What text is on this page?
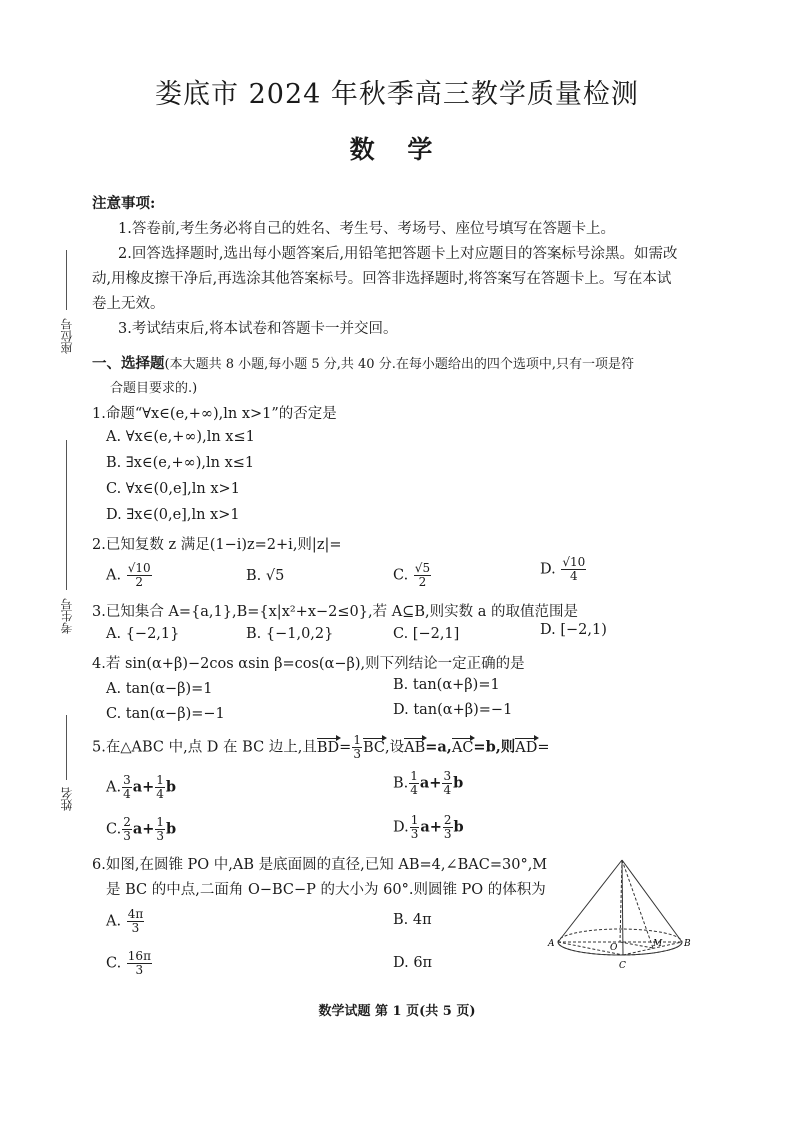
娄底市 2024 年秋季高三教学质量检测
数 学
座位号
考生号
姓名
注意事项:
1.答卷前,考生务必将自己的姓名、考生号、考场号、座位号填写在答题卡上。
2.回答选择题时,选出每小题答案后,用铅笔把答题卡上对应题目的答案标号涂黑。如需改
动,用橡皮擦干净后,再选涂其他答案标号。回答非选择题时,将答案写在答题卡上。写在本试
卷上无效。
3.考试结束后,将本试卷和答题卡一并交回。
一、选择题(本大题共 8 小题,每小题 5 分,共 40 分.在每小题给出的四个选项中,只有一项是符
合题目要求的.)
1.命题“∀x∈(e,+∞),ln x>1”的否定是
A. ∀x∈(e,+∞),ln x≤1
B. ∃x∈(e,+∞),ln x≤1
C. ∀x∈(0,e],ln x>1
D. ∃x∈(0,e],ln x>1
2.已知复数 z 满足(1−i)z=2+i,则|z|=
A. $\frac{√10}{2}$	B. √5	C. $\frac{√5}{2}$	D. $\frac{√10}{4}$
3.已知集合 A={a,1},B={x|x²+x−2≤0},若 A⊆B,则实数 a 的取值范围是
A. {−2,1}	B. {−1,0,2}	C. [−2,1]	D. [−2,1)
4.若 sin(α+β)−2cos αsin β=cos(α−β),则下列结论一定正确的是
A. tan(α−β)=1	B. tan(α+β)=1
C. tan(α−β)=−1	D. tan(α+β)=−1
5.在△ABC 中,点 D 在 BC 边上,且$BD= \frac{1}{3}$ BC,设AB=a,AC=b,则AD=
A. $\frac{3}{4} a+ \frac{1}{4}$ b	B. $\frac{1}{4} a+ \frac{3}{4}$ b
C. $\frac{2}{3} a+ \frac{1}{3}$ b	D. $\frac{1}{3} a+ \frac{2}{3}$ b
6.如图,在圆锥 PO 中,AB 是底面圆的直径,已知 AB=4,∠BAC=30°,M
是 BC 的中点,二面角 O−BC−P 的大小为 60°.则圆锥 PO 的体积为
A. $\frac{4\pi}{3}$	B. 4π
C. $\frac{16\pi}{3}$	D. 6π
A	B
C
O	M
数学试题 第 1 页(共 5 页)
